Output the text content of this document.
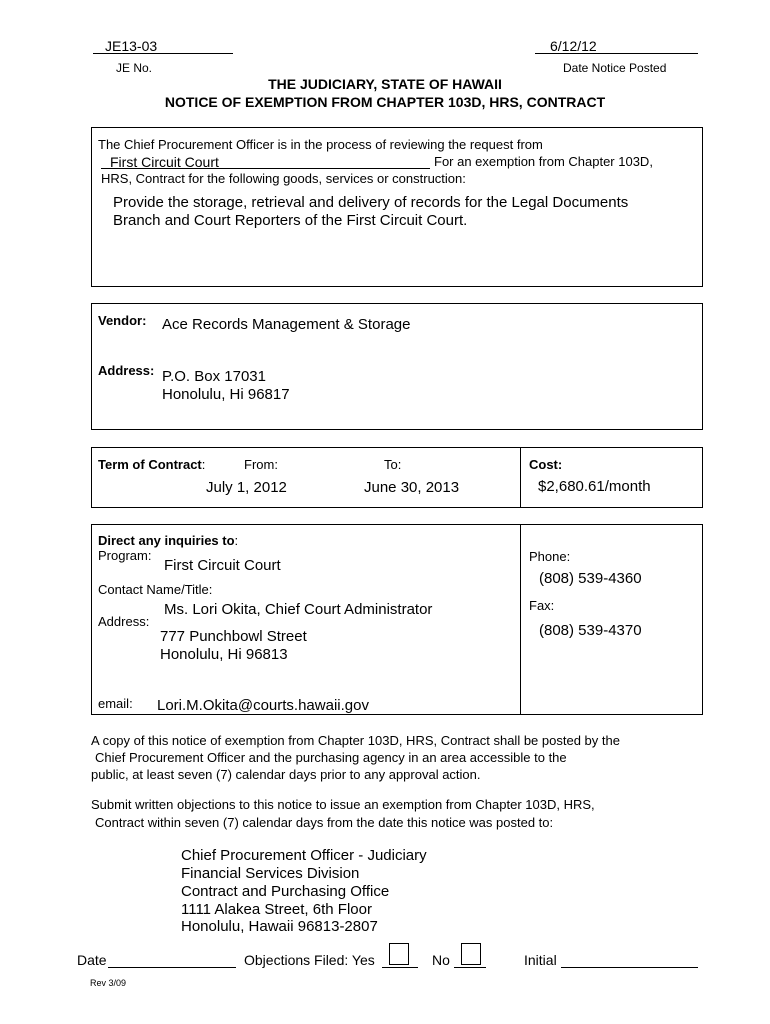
JE13-03
JE No.
6/12/12
Date Notice Posted
THE JUDICIARY, STATE OF HAWAII
NOTICE OF EXEMPTION FROM CHAPTER 103D, HRS, CONTRACT
The Chief Procurement Officer is in the process of reviewing the request from
First Circuit Court	For an exemption from Chapter 103D,
HRS, Contract for the following goods, services or construction:
Provide the storage, retrieval and delivery of records for the Legal Documents
Branch and Court Reporters of the First Circuit Court.
Vendor: Ace Records Management & Storage
Address: P.O. Box 17031
Honolulu, Hi 96817
Term of Contract:	From:	To:
July 1, 2012	June 30, 2013
Cost:
$2,680.61/month
Direct any inquiries to:
Program:
First Circuit Court
Contact Name/Title:
Ms. Lori Okita, Chief Court Administrator
Address:
777 Punchbowl Street
Honolulu, Hi 96813
email: Lori.M.Okita@courts.hawaii.gov
Phone:
(808) 539-4360
Fax:
(808) 539-4370
A copy of this notice of exemption from Chapter 103D, HRS, Contract shall be posted by the
Chief Procurement Officer and the purchasing agency in an area accessible to the
public, at least seven (7) calendar days prior to any approval action.
Submit written objections to this notice to issue an exemption from Chapter 103D, HRS,
Contract within seven (7) calendar days from the date this notice was posted to:
Chief Procurement Officer - Judiciary
Financial Services Division
Contract and Purchasing Office
1111 Alakea Street, 6th Floor
Honolulu, Hawaii 96813-2807
Date	Objections Filed: Yes	No	Initial
Rev 3/09
